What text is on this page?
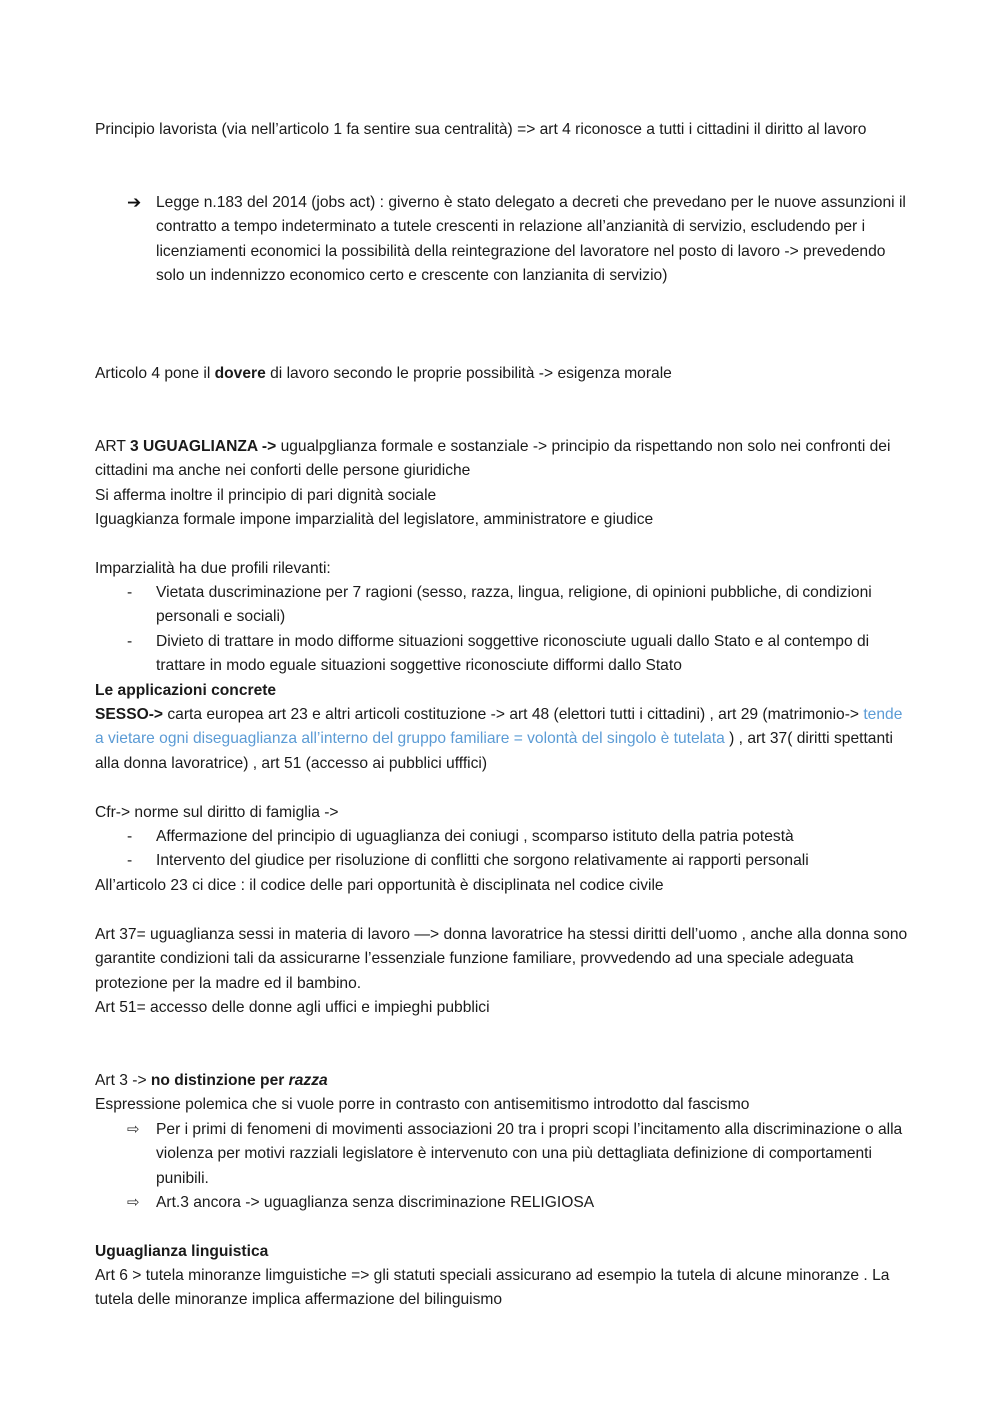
Principio lavorista (via nell’articolo 1 fa sentire sua centralità) => art 4 riconosce a tutti i cittadini il diritto al lavoro

➔ Legge n.183 del 2014 (jobs act) : giverno è stato delegato a decreti che prevedano per le nuove assunzioni il contratto a tempo indeterminato a tutele crescenti in relazione all’anzianità di servizio, escludendo per i licenziamenti economici la possibilità della reintegrazione del lavoratore nel posto di lavoro -> prevedendo solo un indennizzo economico certo e crescente con lanzianita di servizio)

Articolo 4 pone il dovere di lavoro secondo le proprie possibilità -> esigenza morale

ART 3 UGUAGLIANZA -> ugualpglianza formale e sostanziale -> principio da rispettando non solo nei confronti dei cittadini ma anche nei conforti delle persone giuridiche

Si afferma inoltre il principio di pari dignità sociale

Iguagkianza formale impone imparzialità del legislatore, amministratore e giudice

Imparzialità ha due profili rilevanti:

-	Vietata duscriminazione per 7 ragioni (sesso, razza, lingua, religione, di opinioni pubbliche, di condizioni personali e sociali)

-	Divieto di trattare in modo difforme situazioni soggettive riconosciute uguali dallo Stato e al contempo di trattare in modo eguale situazioni soggettive riconosciute difformi dallo Stato

Le applicazioni concrete

SESSO-> carta europea art 23 e altri articoli costituzione -> art 48 (elettori tutti i cittadini) , art 29 (matrimonio-> tende a vietare ogni diseguaglianza all’interno del gruppo familiare = volontà del singolo è tutelata ) , art 37( diritti spettanti alla donna lavoratrice) , art 51 (accesso ai pubblici ufffici)

Cfr-> norme sul diritto di famiglia ->

-	Affermazione del principio di uguaglianza dei coniugi , scomparso istituto della patria potestà

-	Intervento del giudice per risoluzione di conflitti che sorgono relativamente ai rapporti personali

All’articolo 23 ci dice : il codice delle pari opportunità è disciplinata nel codice civile

Art 37= uguaglianza sessi in materia di lavoro —> donna lavoratrice ha stessi diritti dell’uomo , anche alla donna sono garantite condizioni tali da assicurarne l’essenziale funzione familiare, provvedendo ad una speciale adeguata protezione per la madre ed il bambino.

Art 51= accesso delle donne agli uffici e impieghi pubblici

Art 3 -> no distinzione per razza

Espressione polemica che si vuole porre in contrasto con antisemitismo introdotto dal fascismo

⇨	Per i primi di fenomeni di movimenti associazioni 20 tra i propri scopi l’incitamento alla discriminazione o alla violenza per motivi razziali legislatore è intervenuto con una più dettagliata definizione di comportamenti punibili.

⇨	Art.3 ancora -> uguaglianza senza discriminazione RELIGIOSA

Uguaglianza linguistica

Art 6 > tutela minoranze limguistiche => gli statuti speciali assicurano ad esempio la tutela di alcune minoranze . La tutela delle minoranze implica affermazione del bilinguismo
